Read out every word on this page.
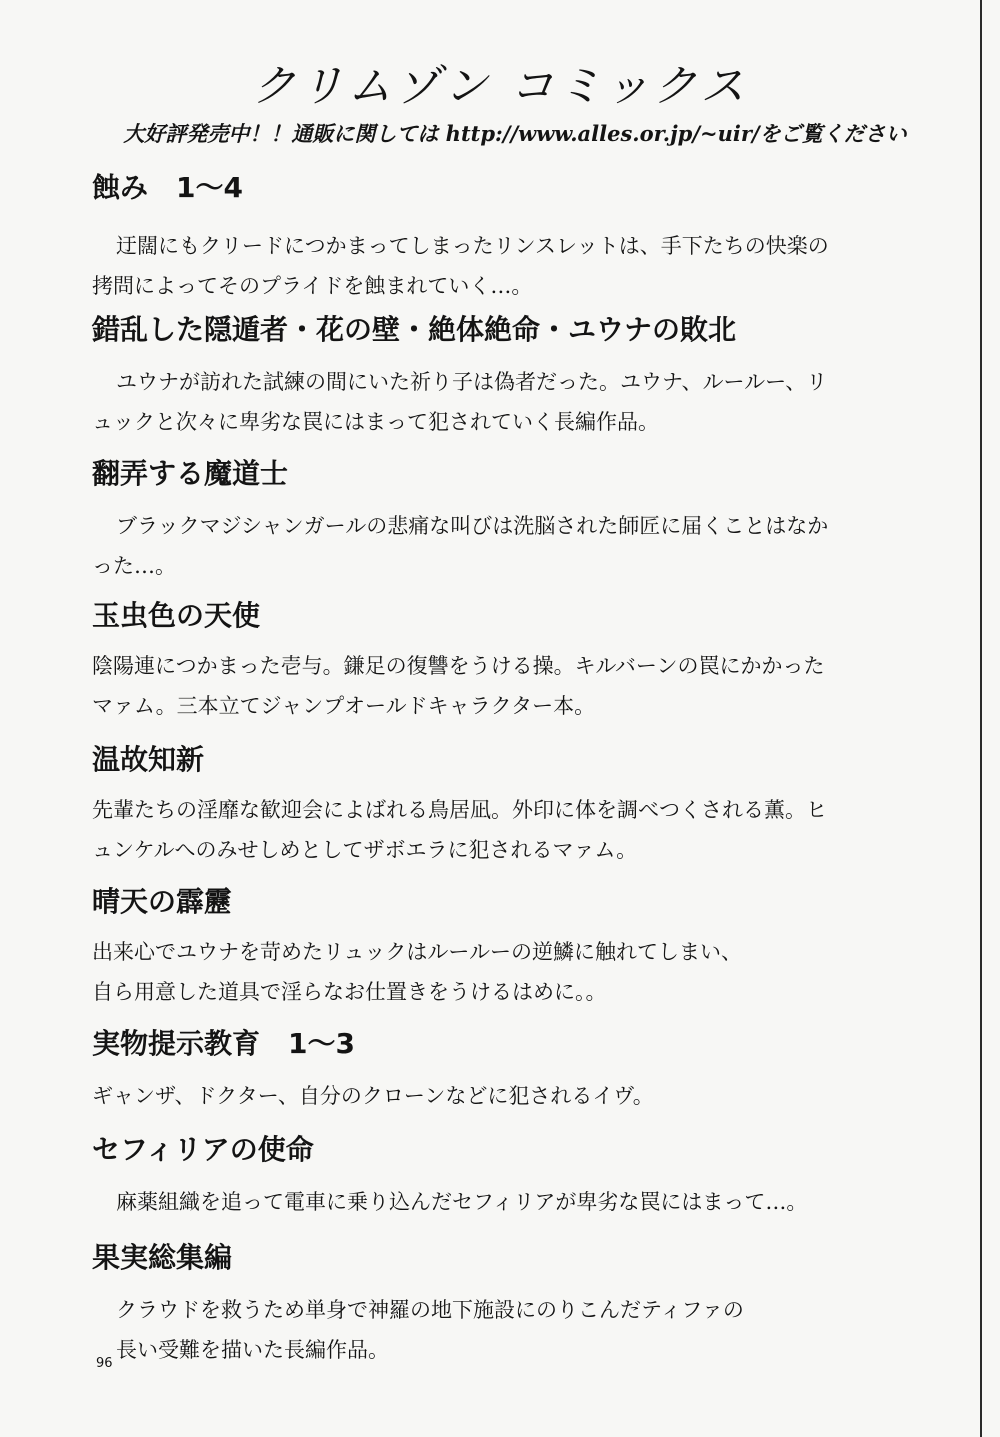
クリムゾン コミックス
大好評発売中！！通販に関しては http://www.alles.or.jp/~uir/をご覧ください
蝕み　1～4

迂闊にもクリードにつかまってしまったリンスレットは、手下たちの快楽の

拷問によってそのプライドを蝕まれていく…。

錯乱した隠遁者・花の壁・絶体絶命・ユウナの敗北

ユウナが訪れた試練の間にいた祈り子は偽者だった。ユウナ、ルールー、リ

ュックと次々に卑劣な罠にはまって犯されていく長編作品。

翻弄する魔道士

ブラックマジシャンガールの悲痛な叫びは洗脳された師匠に届くことはなか

った…。

玉虫色の天使

陰陽連につかまった壱与。鎌足の復讐をうける操。キルバーンの罠にかかった

マァム。三本立てジャンプオールドキャラクター本。

温故知新

先輩たちの淫靡な歓迎会によばれる鳥居凪。外印に体を調べつくされる薫。ヒ

ュンケルへのみせしめとしてザボエラに犯されるマァム。

晴天の霹靂

出来心でユウナを苛めたリュックはルールーの逆鱗に触れてしまい、

自ら用意した道具で淫らなお仕置きをうけるはめに。。

実物提示教育　1～3

ギャンザ、ドクター、自分のクローンなどに犯されるイヴ。

セフィリアの使命

麻薬組織を追って電車に乗り込んだセフィリアが卑劣な罠にはまって…。

果実総集編

クラウドを救うため単身で神羅の地下施設にのりこんだティファの

長い受難を描いた長編作品。

96
